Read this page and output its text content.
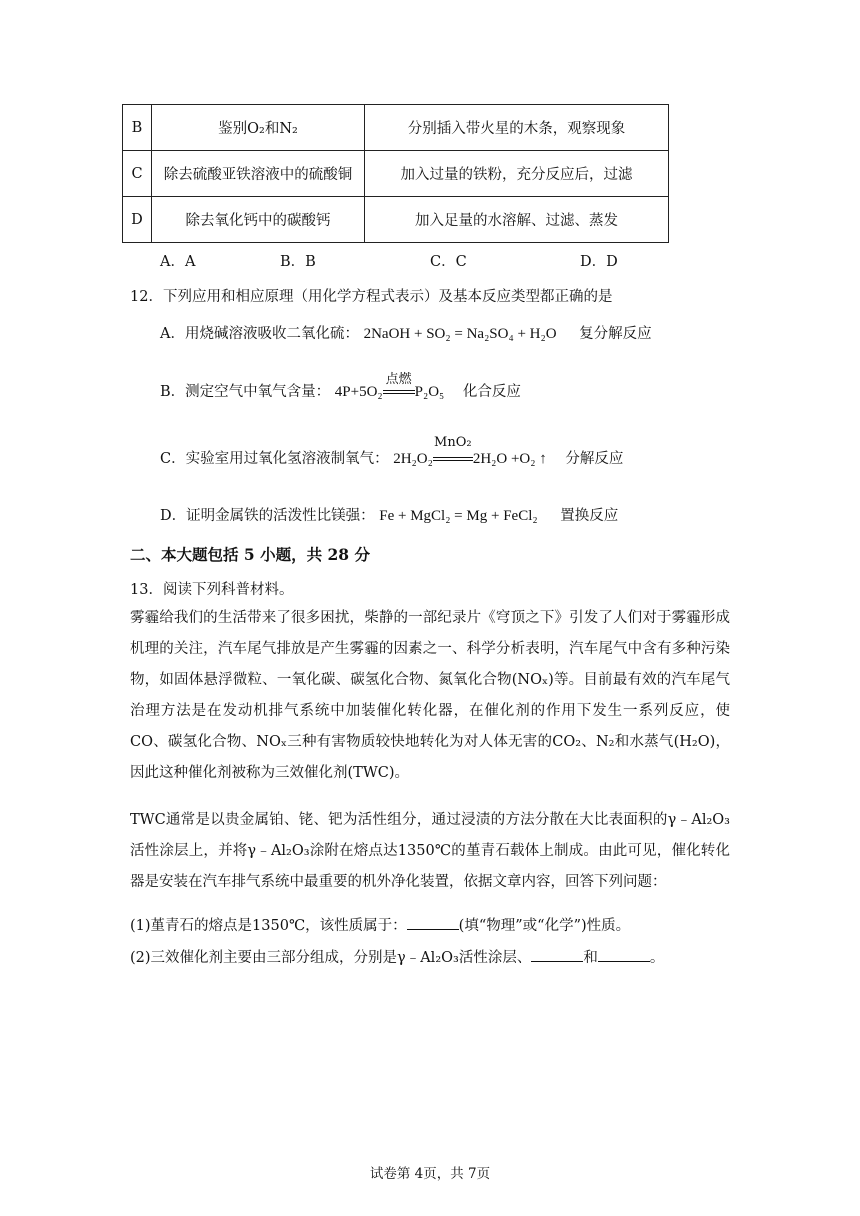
B	鉴别O₂和N₂	分别插入带火星的木条，观察现象
C	除去硫酸亚铁溶液中的硫酸铜	加入过量的铁粉，充分反应后，过滤
D	除去氧化钙中的碳酸钙	加入足量的水溶解、过滤、蒸发
A．A	B．B	C．C	D．D
12．下列应用和相应原理（用化学方程式表示）及基本反应类型都正确的是
A．用烧碱溶液吸收二氧化硫： 2NaOH + SO₂ = Na₂SO₄ + H₂O 复分解反应
B．测定空气中氧气含量： 4P+5O₂
点燃
P₂O₅ 化合反应
C．实验室用过氧化氢溶液制氧气： 2H₂O₂
MnO₂
2H₂O +O₂ ↑ 分解反应
D．证明金属铁的活泼性比镁强： Fe + MgCl₂ = Mg + FeCl₂ 置换反应
二、本大题包括 5 小题，共 28 分
13．阅读下列科普材料。
雾霾给我们的生活带来了很多困扰，柴静的一部纪录片《穹顶之下》引发了人们对于雾霾形成机理的关注，汽车尾气排放是产生雾霾的因素之一、科学分析表明，汽车尾气中含有多种污染物，如固体悬浮微粒、一氧化碳、碳氢化合物、氮氧化合物(NOₓ)等。目前最有效的汽车尾气治理方法是在发动机排气系统中加装催化转化器，在催化剂的作用下发生一系列反应，使CO、碳氢化合物、NOₓ三种有害物质较快地转化为对人体无害的CO₂、N₂和水蒸气(H₂O)，因此这种催化剂被称为三效催化剂(TWC)。
TWC通常是以贵金属铂、铑、钯为活性组分，通过浸渍的方法分散在大比表面积的γ﹣Al₂O₃活性涂层上，并将γ﹣Al₂O₃涂附在熔点达1350℃的堇青石载体上制成。由此可见，催化转化器是安装在汽车排气系统中最重要的机外净化装置，依据文章内容，回答下列问题：
(1)堇青石的熔点是1350℃，该性质属于：	(填“物理”或“化学”)性质。
(2)三效催化剂主要由三部分组成，分别是γ﹣Al₂O₃活性涂层、	和	。
试卷第 4页，共 7页
